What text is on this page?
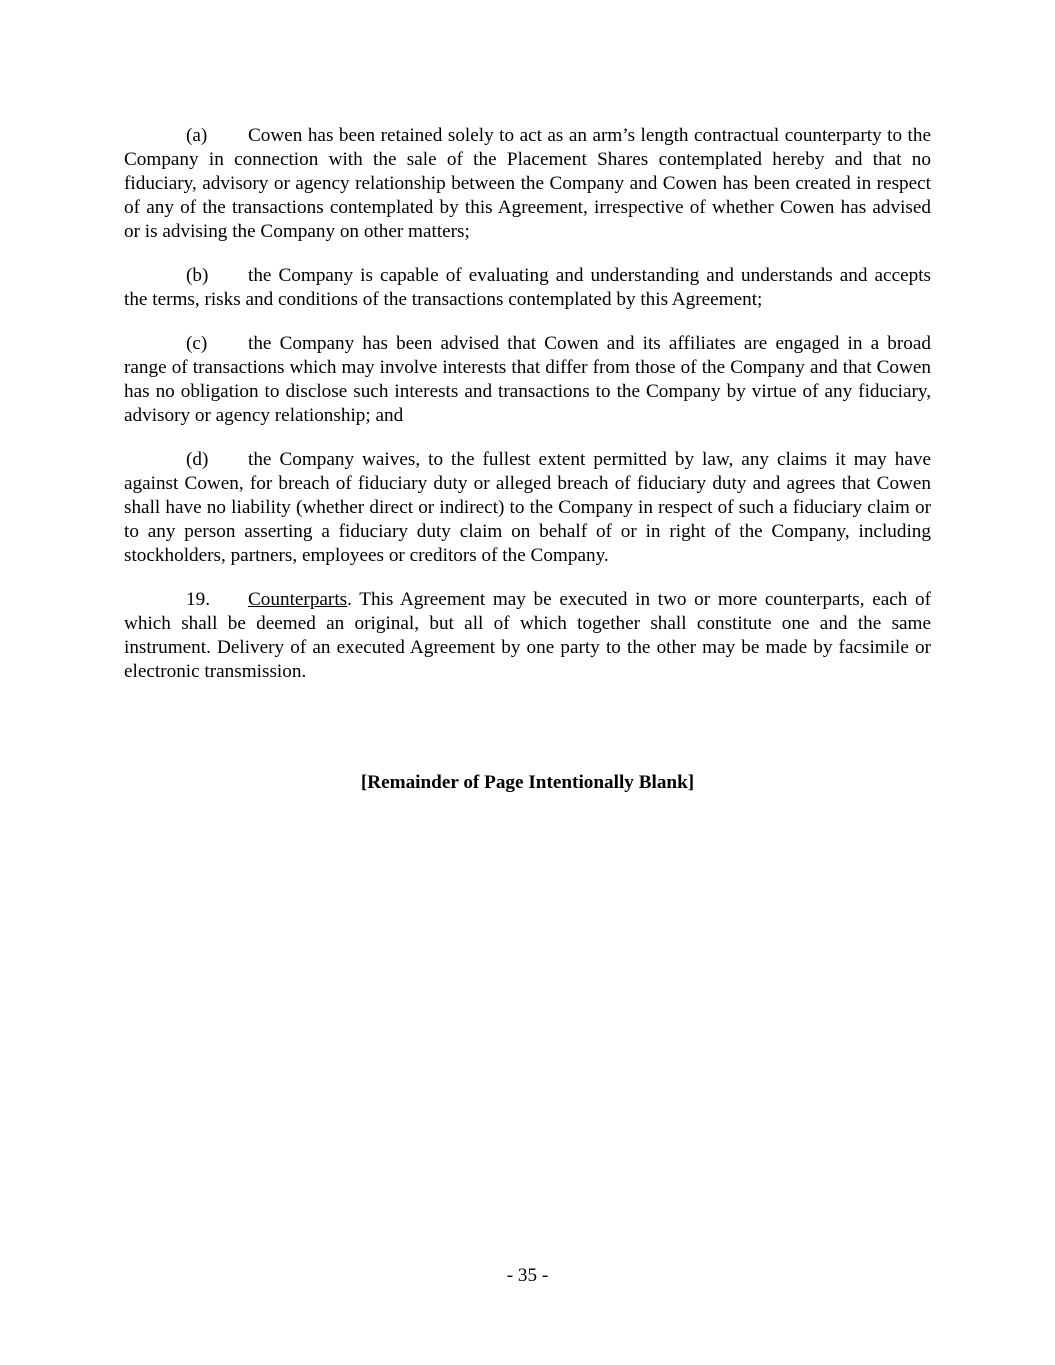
(a) Cowen has been retained solely to act as an arm’s length contractual counterparty to the Company in connection with the sale of the Placement Shares contemplated hereby and that no fiduciary, advisory or agency relationship between the Company and Cowen has been created in respect of any of the transactions contemplated by this Agreement, irrespective of whether Cowen has advised or is advising the Company on other matters;

(b) the Company is capable of evaluating and understanding and understands and accepts the terms, risks and conditions of the transactions contemplated by this Agreement;

(c) the Company has been advised that Cowen and its affiliates are engaged in a broad range of transactions which may involve interests that differ from those of the Company and that Cowen has no obligation to disclose such interests and transactions to the Company by virtue of any fiduciary, advisory or agency relationship; and

(d) the Company waives, to the fullest extent permitted by law, any claims it may have against Cowen, for breach of fiduciary duty or alleged breach of fiduciary duty and agrees that Cowen shall have no liability (whether direct or indirect) to the Company in respect of such a fiduciary claim or to any person asserting a fiduciary duty claim on behalf of or in right of the Company, including stockholders, partners, employees or creditors of the Company.

19. Counterparts. This Agreement may be executed in two or more counterparts, each of which shall be deemed an original, but all of which together shall constitute one and the same instrument. Delivery of an executed Agreement by one party to the other may be made by facsimile or electronic transmission.

[Remainder of Page Intentionally Blank]
- 35 -
